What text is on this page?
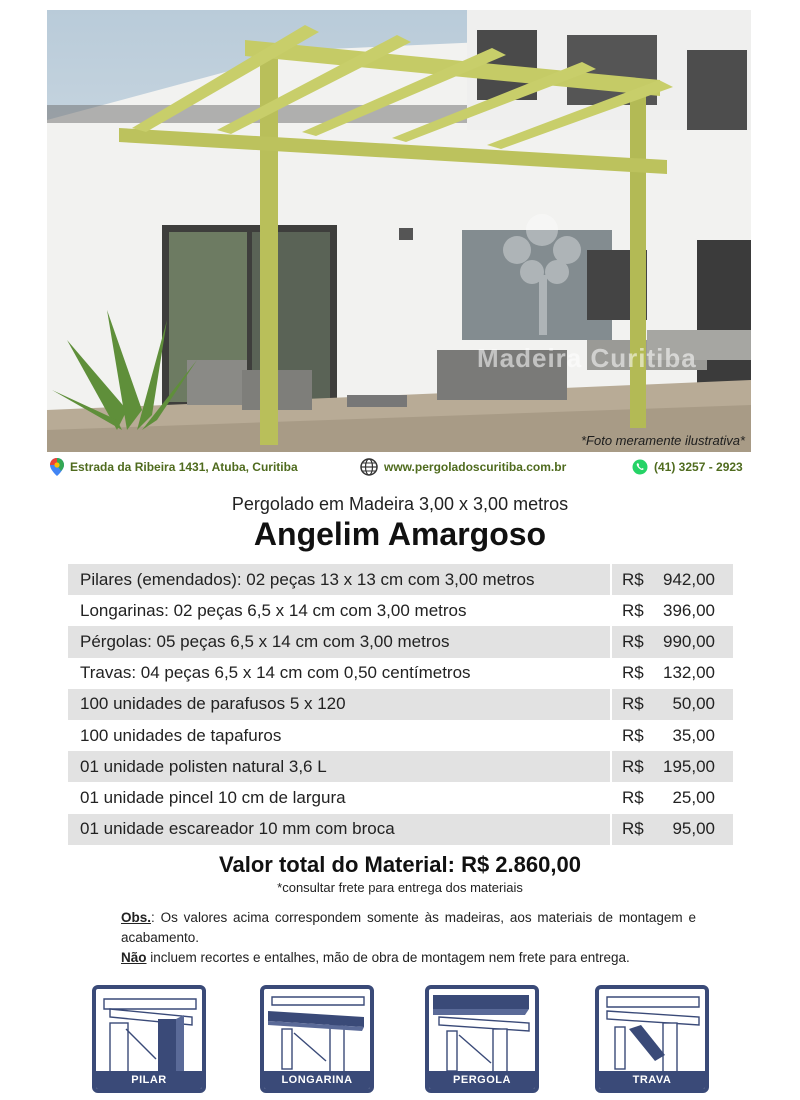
Madeira Curitiba
*Foto meramente ilustrativa*
Estrada da Ribeira 1431, Atuba, Curitiba	www.pergoladoscuritiba.com.br	(41) 3257 - 2923
Pergolado em Madeira 3,00 x 3,00 metros
Angelim Amargoso
Pilares (emendados): 02 peças 13 x 13 cm com 3,00 metros	R$ 942,00
Longarinas: 02 peças 6,5 x 14 cm com 3,00 metros	R$ 396,00
Pérgolas: 05 peças 6,5 x 14 cm com 3,00 metros	R$ 990,00
Travas: 04 peças 6,5 x 14 cm com 0,50 centímetros	R$ 132,00
100 unidades de parafusos 5 x 120	R$ 50,00
100 unidades de tapafuros	R$ 35,00
01 unidade polisten natural 3,6 L	R$ 195,00
01 unidade pincel 10 cm de largura	R$ 25,00
01 unidade escareador 10 mm com broca	R$ 95,00
Valor total do Material: R$ 2.860,00
*consultar frete para entrega dos materiais
Obs.: Os valores acima correspondem somente às madeiras, aos materiais de montagem e acabamento.
Não incluem recortes e entalhes, mão de obra de montagem nem frete para entrega.
PILAR	LONGARINA	PERGOLA	TRAVA
